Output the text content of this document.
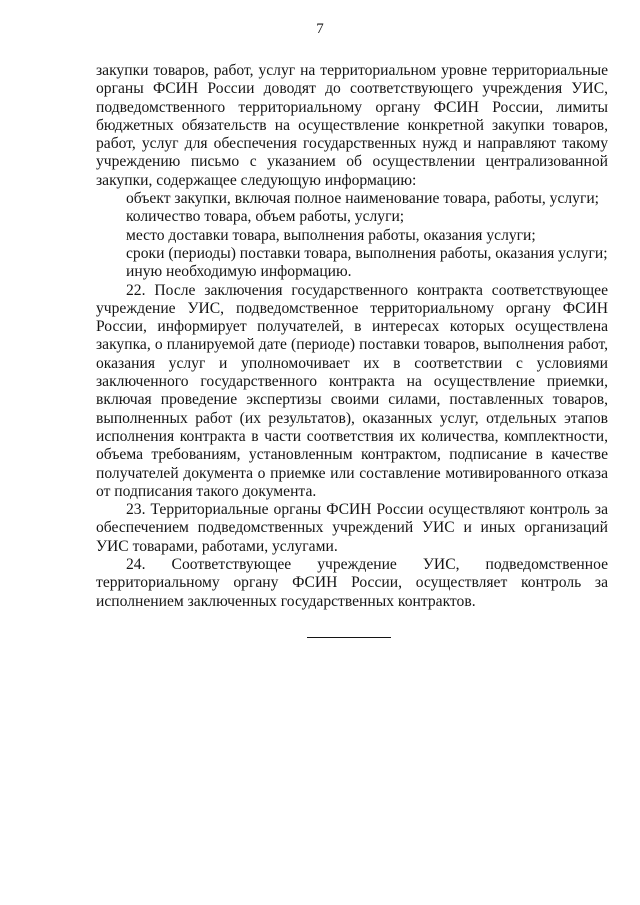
7

закупки товаров, работ, услуг на территориальном уровне территориальные органы ФСИН России доводят до соответствующего учреждения УИС, подведомственного территориальному органу ФСИН России, лимиты бюджетных обязательств на осуществление конкретной закупки товаров, работ, услуг для обеспечения государственных нужд и направляют такому учреждению письмо с указанием об осуществлении централизованной закупки, содержащее следующую информацию:

объект закупки, включая полное наименование товара, работы, услуги;

количество товара, объем работы, услуги;

место доставки товара, выполнения работы, оказания услуги;

сроки (периоды) поставки товара, выполнения работы, оказания услуги;

иную необходимую информацию.

22. После заключения государственного контракта соответствующее учреждение УИС, подведомственное территориальному органу ФСИН России, информирует получателей, в интересах которых осуществлена закупка, о планируемой дате (периоде) поставки товаров, выполнения работ, оказания услуг и уполномочивает их в соответствии с условиями заключенного государственного контракта на осуществление приемки, включая проведение экспертизы своими силами, поставленных товаров, выполненных работ (их результатов), оказанных услуг, отдельных этапов исполнения контракта в части соответствия их количества, комплектности, объема требованиям, установленным контрактом, подписание в качестве получателей документа о приемке или составление мотивированного отказа от подписания такого документа.

23. Территориальные органы ФСИН России осуществляют контроль за обеспечением подведомственных учреждений УИС и иных организаций УИС товарами, работами, услугами.

24. Соответствующее учреждение УИС, подведомственное территориальному органу ФСИН России, осуществляет контроль за исполнением заключенных государственных контрактов.
